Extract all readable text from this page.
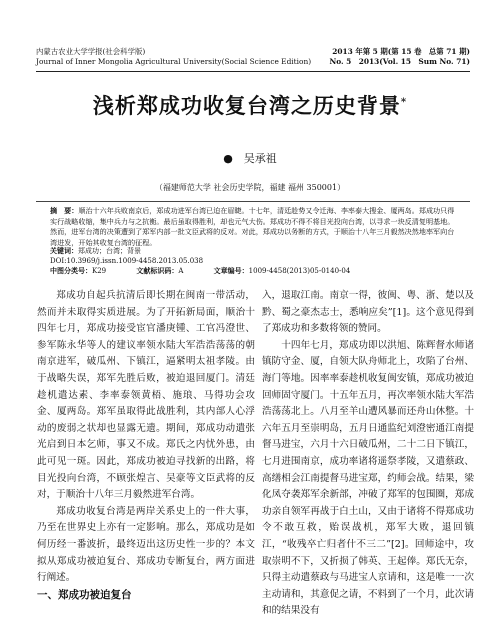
内蒙古农业大学学报(社会科学版)
Journal of Inner Mongolia Agricultural University(Social Science Edition)
2013 年第 5 期(第 15 卷　总第 71 期)
No. 5　2013(Vol. 15　Sum No. 71)
浅析郑成功收复台湾之历史背景*
●　吴承祖
（福建师范大学 社会历史学院，福建 福州 350001）
摘　要：顺治十六年兵败南京后，郑成功进军台湾已迫在眉睫。十七年，清廷趁势又令迁海、李率泰大搜金、厦两岛。郑成功只得实行战略收缩，集中兵力与之抗衡。最后虽取得胜利，却也元气大伤。郑成功不得不将目光投向台湾，以寻求一块反清复明基地。然而，进军台湾的决策遭到了郑军内部一批文臣武将的反对。对此，郑成功以务断的方式，于顺治十八年三月毅然决然地率军向台湾进发，开始其收复台湾的征程。
关键词：郑成功；台湾；背景
DOI:10.3969/j.issn.1009-4458.2013.05.038
中图分类号：K29	文献标识码：A	文章编号：1009-4458(2013)05-0140-04

郑成功自起兵抗清后即长期在闽南一带活动，然而并未取得实质进展。为了开拓新局面，顺治十四年七月，郑成功接受宦官潘庚锺、工官冯澄世、参军陈永华等人的建议率领水陆大军浩浩荡荡的朝南京进军，破瓜州、下镇江，逼紧明太祖孝陵。由于战略失误，郑军先胜后败，被迫退回厦门。清廷趁机遣达素、李率泰领黄梧、施琅、马得功会攻金、厦两岛。郑军虽取得此战胜利，其内部人心浮动的废弱之状却也显露无遗。期间，郑成功动遣张光启到日本乞师，事又不成。郑氏之内忧外患，由此可见一斑。因此，郑成功被迫寻找新的出路，将目光投向台湾，不顾张煌言、吴豪等文臣武将的反对，于顺治十八年三月毅然进军台湾。

郑成功收复台湾是两岸关系史上的一件大事，乃至在世界史上亦有一定影响。那么，郑成功是如何历经一番波折，最终迈出这历史性一步的？本文拟从郑成功被迫复台、郑成功专断复台，两方面进行阐述。

一、郑成功被迫复台

入，退取江南。南京一得，彼闽、粤、浙、楚以及黔、蜀之豪杰志士，悉响应矣”[1]。这个意见得到了郑成功和多数将领的赞同。

十四年七月，郑成功即以洪旭、陈辉督水师诸镇防守金、厦，自领大队舟师北上，攻陷了台州、海门等地。因率率泰趁机收复闽安镇，郑成功被迫回师固守厦门。十五年五月，再次率领水陆大军浩浩荡荡北上。八月至羊山遭风暴而还舟山休整。十六年五月至崇明岛，五月日通监纪刘澄密通江南提督马进宝，六月十六日破瓜州，二十二日下镇江，七月进围南京，成功率诸将遥祭孝陵，又遣蔡政、高缮相会江南提督马进宝郑，约师会战。结果，梁化凤夺袭郑军余新部，冲破了郑军的包围圈，郑成功亲自领军再战于白土山，又由于诸将不得郑成功令不敢互救，贻误战机，郑军大败，退回镇江，“收残卒亡归者什不三二”[2]。回师途中，攻取崇明不下，又折损了韩英、王起俸。郑氏无奈，只得主动遣蔡政与马进宝人京请和，这是唯一一次主动请和，其意促之请，不料到了一个月，此次请和的结果没有
